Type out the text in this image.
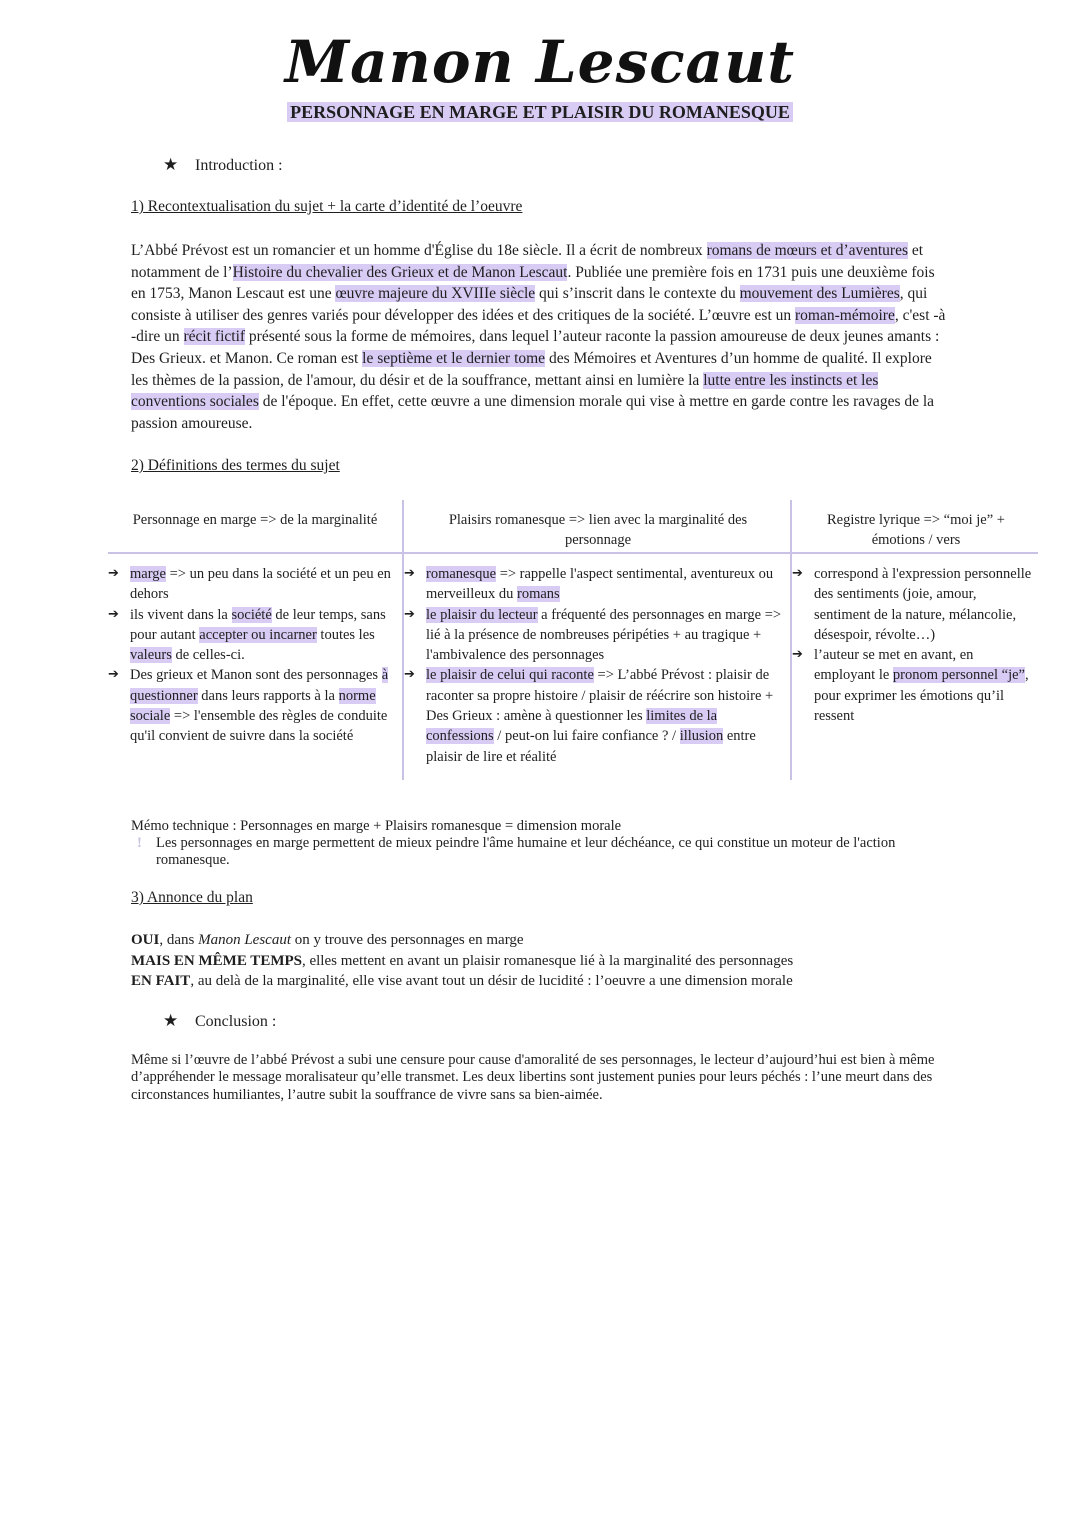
Manon Lescaut
PERSONNAGE EN MARGE ET PLAISIR DU ROMANESQUE
★ Introduction :
1) Recontextualisation du sujet + la carte d’identité de l’oeuvre

L’Abbé Prévost est un romancier et un homme d'Église du 18e siècle. Il a écrit de nombreux romans de mœurs et d’aventures et notamment de l’Histoire du chevalier des Grieux et de Manon Lescaut. Publiée une première fois en 1731 puis une deuxième fois en 1753, Manon Lescaut est une œuvre majeure du XVIIIe siècle qui s’inscrit dans le contexte du mouvement des Lumières, qui consiste à utiliser des genres variés pour développer des idées et des critiques de la société. L’œuvre est un roman-mémoire, c'est -à -dire un récit fictif présenté sous la forme de mémoires, dans lequel l’auteur raconte la passion amoureuse de deux jeunes amants : Des Grieux. et Manon. Ce roman est le septième et le dernier tome des Mémoires et Aventures d’un homme de qualité. Il explore les thèmes de la passion, de l'amour, du désir et de la souffrance, mettant ainsi en lumière la lutte entre les instincts et les conventions sociales de l'époque. En effet, cette œuvre a une dimension morale qui vise à mettre en garde contre les ravages de la passion amoureuse.

2) Définitions des termes du sujet
Personnage en marge => de la marginalité
➔ marge => un peu dans la société et un peu en dehors
➔ ils vivent dans la société de leur temps, sans pour autant accepter ou incarner toutes les valeurs de celles-ci.
➔ Des grieux et Manon sont des personnages à questionner dans leurs rapports à la norme sociale => l'ensemble des règles de conduite qu'il convient de suivre dans la société
Plaisirs romanesque => lien avec la marginalité des personnage
➔ romanesque => rappelle l'aspect sentimental, aventureux ou merveilleux du romans
➔ le plaisir du lecteur a fréquenté des personnages en marge => lié à la présence de nombreuses péripéties + au tragique + l'ambivalence des personnages
➔ le plaisir de celui qui raconte => L’abbé Prévost : plaisir de raconter sa propre histoire / plaisir de réécrire son histoire + Des Grieux : amène à questionner les limites de la confessions / peut-on lui faire confiance ? / illusion entre plaisir de lire et réalité
Registre lyrique => “moi je” + émotions / vers
➔ correspond à l'expression personnelle des sentiments (joie, amour, sentiment de la nature, mélancolie, désespoir, révolte…)
➔ l’auteur se met en avant, en employant le pronom personnel “je”, pour exprimer les émotions qu’il ressent
Mémo technique : Personnages en marge + Plaisirs romanesque = dimension morale
! Les personnages en marge permettent de mieux peindre l'âme humaine et leur déchéance, ce qui constitue un moteur de l'action romanesque.
3) Annonce du plan
OUI, dans Manon Lescaut on y trouve des personnages en marge
MAIS EN MÊME TEMPS, elles mettent en avant un plaisir romanesque lié à la marginalité des personnages
EN FAIT, au delà de la marginalité, elle vise avant tout un désir de lucidité : l’oeuvre a une dimension morale
★ Conclusion :
Même si l’œuvre de l’abbé Prévost a subi une censure pour cause d'amoralité de ses personnages, le lecteur d’aujourd’hui est bien à même d’appréhender le message moralisateur qu’elle transmet. Les deux libertins sont justement punies pour leurs péchés : l’une meurt dans des circonstances humiliantes, l’autre subit la souffrance de vivre sans sa bien-aimée.
